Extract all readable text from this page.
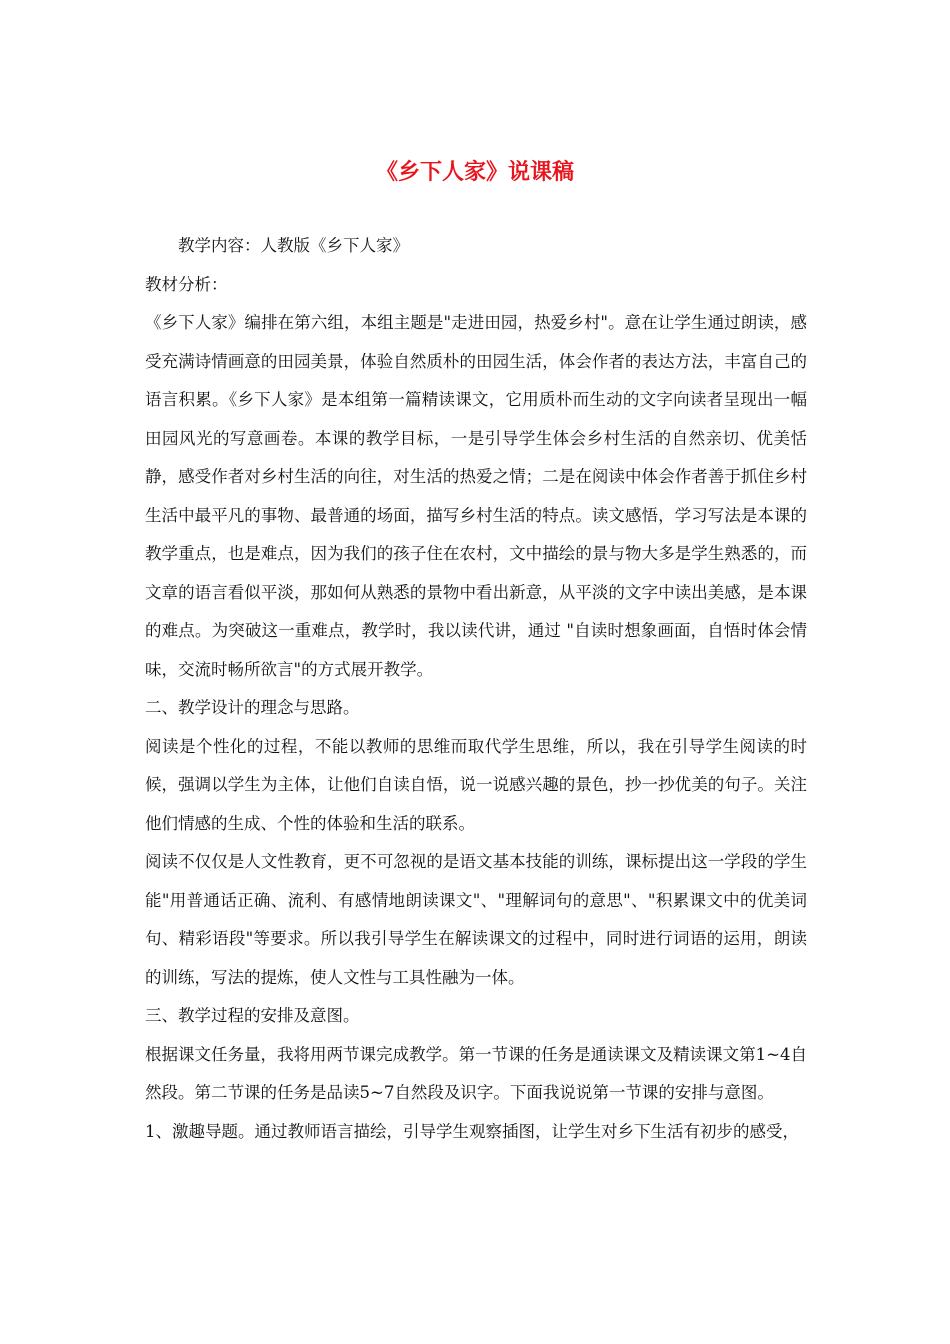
《乡下人家》说课稿

教学内容：人教版《乡下人家》

教材分析：

《乡下人家》编排在第六组，本组主题是"走进田园，热爱乡村"。意在让学生通过朗读，感受充满诗情画意的田园美景，体验自然质朴的田园生活，体会作者的表达方法，丰富自己的语言积累。《乡下人家》是本组第一篇精读课文，它用质朴而生动的文字向读者呈现出一幅田园风光的写意画卷。本课的教学目标，一是引导学生体会乡村生活的自然亲切、优美恬静，感受作者对乡村生活的向往，对生活的热爱之情；二是在阅读中体会作者善于抓住乡村生活中最平凡的事物、最普通的场面，描写乡村生活的特点。读文感悟，学习写法是本课的教学重点，也是难点，因为我们的孩子住在农村，文中描绘的景与物大多是学生熟悉的，而文章的语言看似平淡，那如何从熟悉的景物中看出新意，从平淡的文字中读出美感，是本课的难点。为突破这一重难点，教学时，我以读代讲，通过 "自读时想象画面，自悟时体会情味，交流时畅所欲言"的方式展开教学。

二、教学设计的理念与思路。

阅读是个性化的过程，不能以教师的思维而取代学生思维，所以，我在引导学生阅读的时候，强调以学生为主体，让他们自读自悟，说一说感兴趣的景色，抄一抄优美的句子。关注他们情感的生成、个性的体验和生活的联系。

阅读不仅仅是人文性教育，更不可忽视的是语文基本技能的训练，课标提出这一学段的学生能"用普通话正确、流利、有感情地朗读课文"、"理解词句的意思"、"积累课文中的优美词句、精彩语段"等要求。所以我引导学生在解读课文的过程中，同时进行词语的运用，朗读的训练，写法的提炼，使人文性与工具性融为一体。

三、教学过程的安排及意图。

根据课文任务量，我将用两节课完成教学。第一节课的任务是通读课文及精读课文第1~4自然段。第二节课的任务是品读5~7自然段及识字。下面我说说第一节课的安排与意图。

1、激趣导题。通过教师语言描绘，引导学生观察插图，让学生对乡下生活有初步的感受，
